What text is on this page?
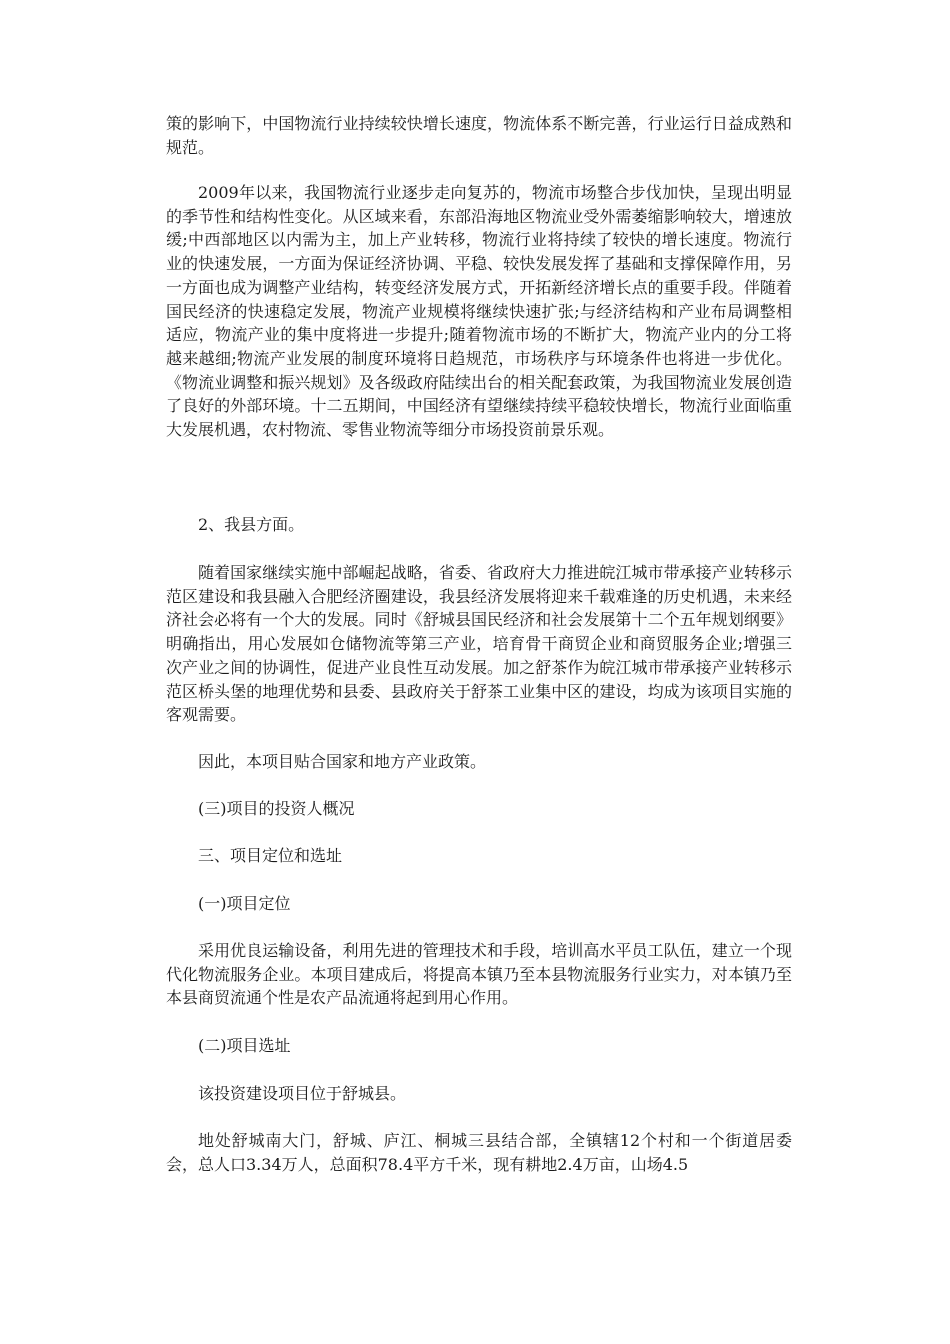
策的影响下，中国物流行业持续较快增长速度，物流体系不断完善，行业运行日益成熟和规范。

2009年以来，我国物流行业逐步走向复苏的，物流市场整合步伐加快，呈现出明显的季节性和结构性变化。从区域来看，东部沿海地区物流业受外需萎缩影响较大，增速放缓;中西部地区以内需为主，加上产业转移，物流行业将持续了较快的增长速度。物流行业的快速发展，一方面为保证经济协调、平稳、较快发展发挥了基础和支撑保障作用，另一方面也成为调整产业结构，转变经济发展方式，开拓新经济增长点的重要手段。伴随着国民经济的快速稳定发展，物流产业规模将继续快速扩张;与经济结构和产业布局调整相适应，物流产业的集中度将进一步提升;随着物流市场的不断扩大，物流产业内的分工将越来越细;物流产业发展的制度环境将日趋规范，市场秩序与环境条件也将进一步优化。《物流业调整和振兴规划》及各级政府陆续出台的相关配套政策，为我国物流业发展创造了良好的外部环境。十二五期间，中国经济有望继续持续平稳较快增长，物流行业面临重大发展机遇，农村物流、零售业物流等细分市场投资前景乐观。

2、我县方面。

随着国家继续实施中部崛起战略，省委、省政府大力推进皖江城市带承接产业转移示范区建设和我县融入合肥经济圈建设，我县经济发展将迎来千载难逢的历史机遇，未来经济社会必将有一个大的发展。同时《舒城县国民经济和社会发展第十二个五年规划纲要》明确指出，用心发展如仓储物流等第三产业，培育骨干商贸企业和商贸服务企业;增强三次产业之间的协调性，促进产业良性互动发展。加之舒茶作为皖江城市带承接产业转移示范区桥头堡的地理优势和县委、县政府关于舒茶工业集中区的建设，均成为该项目实施的客观需要。

因此，本项目贴合国家和地方产业政策。

(三)项目的投资人概况

三、项目定位和选址

(一)项目定位

采用优良运输设备，利用先进的管理技术和手段，培训高水平员工队伍，建立一个现代化物流服务企业。本项目建成后，将提高本镇乃至本县物流服务行业实力，对本镇乃至本县商贸流通个性是农产品流通将起到用心作用。

(二)项目选址

该投资建设项目位于舒城县。

地处舒城南大门，舒城、庐江、桐城三县结合部，全镇辖12个村和一个街道居委会，总人口3.34万人，总面积78.4平方千米，现有耕地2.4万亩，山场4.5
